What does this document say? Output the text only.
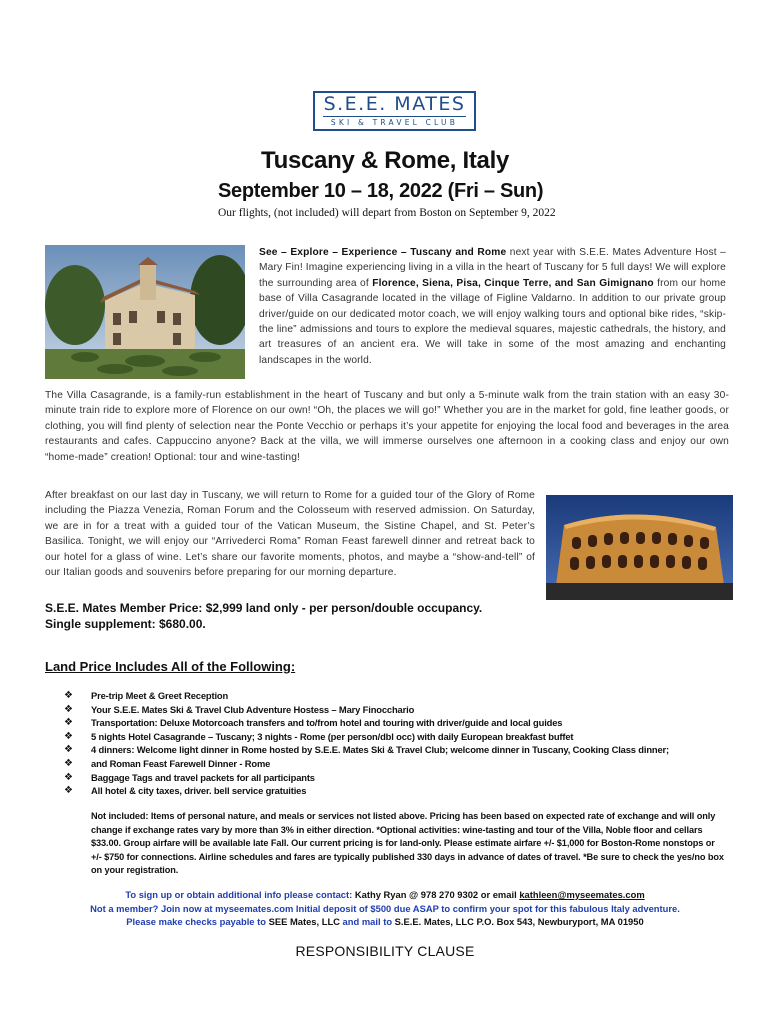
S.E.E. MATES
SKI & TRAVEL CLUB
Tuscany & Rome, Italy
September 10 – 18, 2022 (Fri – Sun)

Our flights, (not included) will depart from Boston on September 9, 2022

See – Explore – Experience – Tuscany and Rome next year with S.E.E. Mates Adventure Host – Mary Fin! Imagine experiencing living in a villa in the heart of Tuscany for 5 full days! We will explore the surrounding area of Florence, Siena, Pisa, Cinque Terre, and San Gimignano from our home base of Villa Casagrande located in the village of Figline Valdarno. In addition to our private group driver/guide on our dedicated motor coach, we will enjoy walking tours and optional bike rides, “skip-the line” admissions and tours to explore the medieval squares, majestic cathedrals, the history, and art treasures of an ancient era. We will take in some of the most amazing and enchanting landscapes in the world.

The Villa Casagrande, is a family-run establishment in the heart of Tuscany and but only a 5-minute walk from the train station with an easy 30-minute train ride to explore more of Florence on our own! “Oh, the places we will go!” Whether you are in the market for gold, fine leather goods, or clothing, you will find plenty of selection near the Ponte Vecchio or perhaps it’s your appetite for enjoying the local food and beverages in the area restaurants and cafes. Cappuccino anyone? Back at the villa, we will immerse ourselves one afternoon in a cooking class and enjoy our own “home-made” creation! Optional: tour and wine-tasting!

After breakfast on our last day in Tuscany, we will return to Rome for a guided tour of the Glory of Rome including the Piazza Venezia, Roman Forum and the Colosseum with reserved admission. On Saturday, we are in for a treat with a guided tour of the Vatican Museum, the Sistine Chapel, and St. Peter’s Basilica. Tonight, we will enjoy our “Arrivederci Roma” Roman Feast farewell dinner and retreat back to our hotel for a glass of wine. Let’s share our favorite moments, photos, and maybe a “show-and-tell” of our Italian goods and souvenirs before preparing for our morning departure.

S.E.E. Mates Member Price: $2,999 land only - per person/double occupancy.
Single supplement: $680.00.

Land Price Includes All of the Following:
❖ Pre-trip Meet & Greet Reception
❖ Your S.E.E. Mates Ski & Travel Club Adventure Hostess – Mary Finocchario
❖ Transportation: Deluxe Motorcoach transfers and to/from hotel and touring with driver/guide and local guides
❖ 5 nights Hotel Casagrande – Tuscany; 3 nights - Rome (per person/dbl occ) with daily European breakfast buffet
❖ 4 dinners: Welcome light dinner in Rome hosted by S.E.E. Mates Ski & Travel Club; welcome dinner in Tuscany, Cooking Class dinner;
❖ and Roman Feast Farewell Dinner - Rome
❖ Baggage Tags and travel packets for all participants
❖ All hotel & city taxes, driver. bell service gratuities

Not included: Items of personal nature, and meals or services not listed above. Pricing has been based on expected rate of exchange and will only change if exchange rates vary by more than 3% in either direction. *Optional activities: wine-tasting and tour of the Villa, Noble floor and cellars $33.00. Group airfare will be available late Fall. Our current pricing is for land-only. Please estimate airfare +/- $1,000 for Boston-Rome nonstops or +/- $750 for connections. Airline schedules and fares are typically published 330 days in advance of dates of travel. *Be sure to check the yes/no box on your registration.

To sign up or obtain additional info please contact: Kathy Ryan @ 978 270 9302 or email kathleen@myseemates.com
Not a member? Join now at myseemates.com Initial deposit of $500 due ASAP to confirm your spot for this fabulous Italy adventure.
Please make checks payable to SEE Mates, LLC and mail to S.E.E. Mates, LLC P.O. Box 543, Newburyport, MA 01950

RESPONSIBILITY CLAUSE
